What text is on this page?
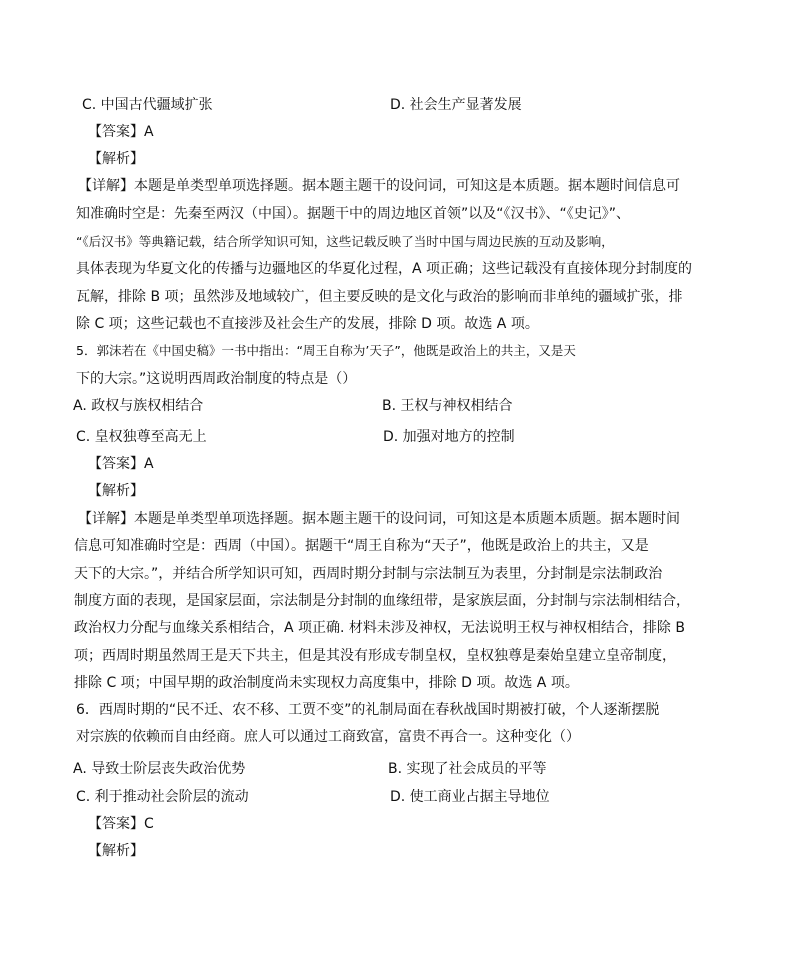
C. 中国古代疆域扩张	D. 社会生产显著发展
【答案】A
【解析】
【详解】本题是单类型单项选择题。据本题主题干的设问词，可知这是本质题。据本题时间信息可
知准确时空是：先秦至两汉（中国）。据题干中的周边地区首领”以及“《汉书》、“《史记》”、
“《后汉书》等典籍记载，结合所学知识可知，这些记载反映了当时中国与周边民族的互动及影响，
具体表现为华夏文化的传播与边疆地区的华夏化过程，A 项正确；这些记载没有直接体现分封制度的
瓦解，排除 B 项；虽然涉及地域较广，但主要反映的是文化与政治的影响而非单纯的疆域扩张，排
除 C 项；这些记载也不直接涉及社会生产的发展，排除 D 项。故选 A 项。
5．郭沫若在《中国史稿》一书中指出：“周王自称为’天子”，他既是政治上的共主，又是天
下的大宗。”这说明西周政治制度的特点是（）
A. 政权与族权相结合	B. 王权与神权相结合
C. 皇权独尊至高无上	D. 加强对地方的控制
【答案】A
【解析】
【详解】本题是单类型单项选择题。据本题主题干的设问词，可知这是本质题本质题。据本题时间
信息可知准确时空是：西周（中国）。据题干“周王自称为“天子”，他既是政治上的共主，又是
天下的大宗。”，并结合所学知识可知，西周时期分封制与宗法制互为表里，分封制是宗法制政治
制度方面的表现，是国家层面，宗法制是分封制的血缘纽带，是家族层面，分封制与宗法制相结合，
政治权力分配与血缘关系相结合，A 项正确. 材料未涉及神权，无法说明王权与神权相结合，排除 B
项；西周时期虽然周王是天下共主，但是其没有形成专制皇权，皇权独尊是秦始皇建立皇帝制度，
排除 C 项；中国早期的政治制度尚未实现权力高度集中，排除 D 项。故选 A 项。
6．西周时期的“民不迁、农不移、工贾不变”的礼制局面在春秋战国时期被打破，个人逐渐摆脱
对宗族的依赖而自由经商。庶人可以通过工商致富，富贵不再合一。这种变化（）
A. 导致士阶层丧失政治优势	B. 实现了社会成员的平等
C. 利于推动社会阶层的流动	D. 使工商业占据主导地位
【答案】C
【解析】
